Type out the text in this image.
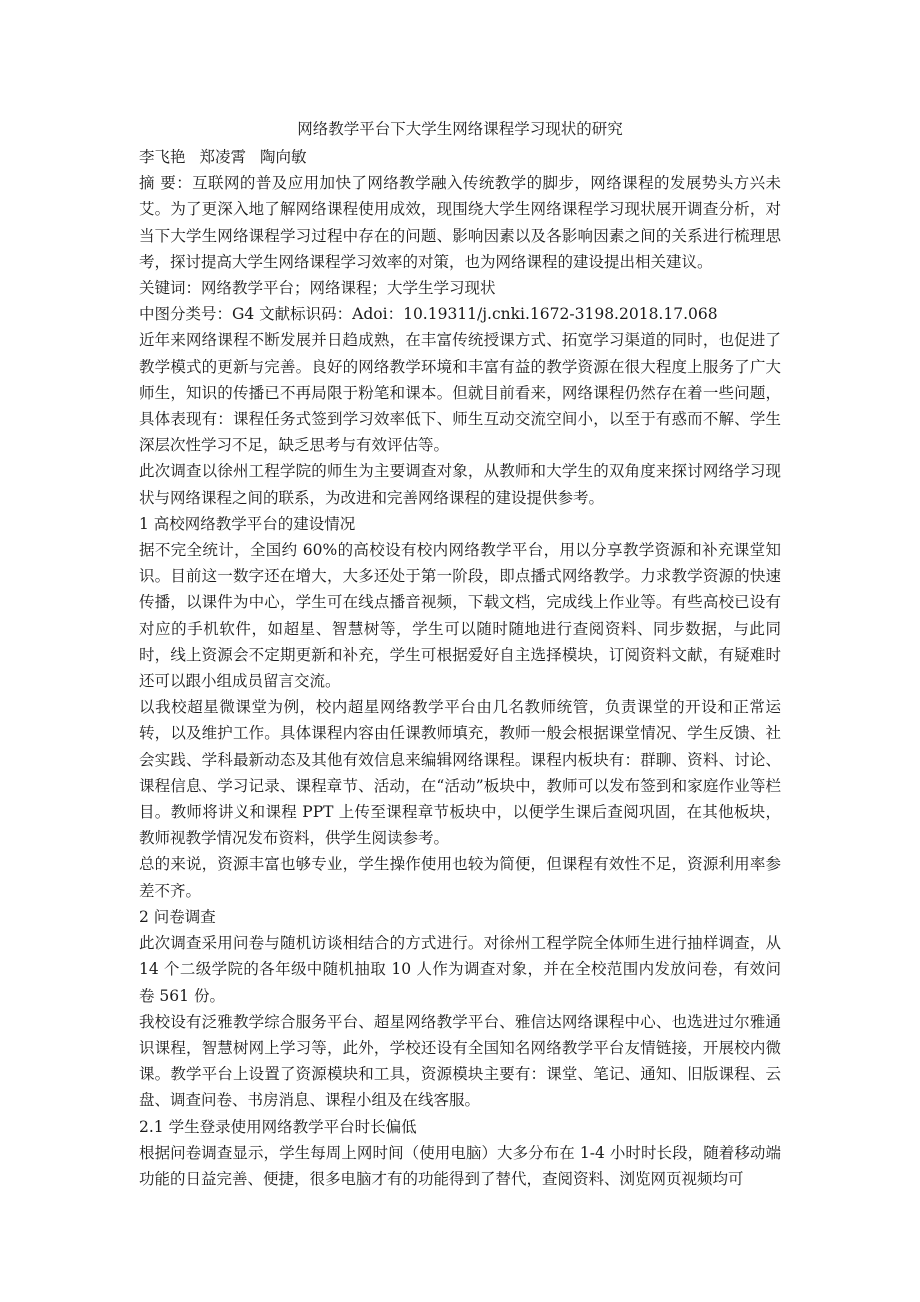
网络教学平台下大学生网络课程学习现状的研究

李飞艳 郑凌霄 陶向敏

摘 要：互联网的普及应用加快了网络教学融入传统教学的脚步，网络课程的发展势头方兴未艾。为了更深入地了解网络课程使用成效，现围绕大学生网络课程学习现状展开调查分析，对当下大学生网络课程学习过程中存在的问题、影响因素以及各影响因素之间的关系进行梳理思考，探讨提高大学生网络课程学习效率的对策，也为网络课程的建设提出相关建议。

关键词：网络教学平台；网络课程；大学生学习现状

中图分类号：G4 文献标识码：Adoi：10.19311/j.cnki.1672-3198.2018.17.068

近年来网络课程不断发展并日趋成熟，在丰富传统授课方式、拓宽学习渠道的同时，也促进了教学模式的更新与完善。良好的网络教学环境和丰富有益的教学资源在很大程度上服务了广大师生，知识的传播已不再局限于粉笔和课本。但就目前看来，网络课程仍然存在着一些问题，具体表现有：课程任务式签到学习效率低下、师生互动交流空间小，以至于有惑而不解、学生深层次性学习不足，缺乏思考与有效评估等。

此次调查以徐州工程学院的师生为主要调查对象，从教师和大学生的双角度来探讨网络学习现状与网络课程之间的联系，为改进和完善网络课程的建设提供参考。

1 高校网络教学平台的建设情况

据不完全统计，全国约 60%的高校设有校内网络教学平台，用以分享教学资源和补充课堂知识。目前这一数字还在增大，大多还处于第一阶段，即点播式网络教学。力求教学资源的快速传播，以课件为中心，学生可在线点播音视频，下载文档，完成线上作业等。有些高校已设有对应的手机软件，如超星、智慧树等，学生可以随时随地进行查阅资料、同步数据，与此同时，线上资源会不定期更新和补充，学生可根据爱好自主选择模块，订阅资料文献，有疑难时还可以跟小组成员留言交流。

以我校超星微课堂为例，校内超星网络教学平台由几名教师统管，负责课堂的开设和正常运转，以及维护工作。具体课程内容由任课教师填充，教师一般会根据课堂情况、学生反馈、社会实践、学科最新动态及其他有效信息来编辑网络课程。课程内板块有：群聊、资料、讨论、课程信息、学习记录、课程章节、活动，在“活动”板块中，教师可以发布签到和家庭作业等栏目。教师将讲义和课程 PPT 上传至课程章节板块中，以便学生课后查阅巩固，在其他板块，教师视教学情况发布资料，供学生阅读参考。

总的来说，资源丰富也够专业，学生操作使用也较为简便，但课程有效性不足，资源利用率参差不齐。

2 问卷调查

此次调查采用问卷与随机访谈相结合的方式进行。对徐州工程学院全体师生进行抽样调查，从 14 个二级学院的各年级中随机抽取 10 人作为调查对象，并在全校范围内发放问卷，有效问卷 561 份。

我校设有泛雅教学综合服务平台、超星网络教学平台、雅信达网络课程中心、也选进过尔雅通识课程，智慧树网上学习等，此外，学校还设有全国知名网络教学平台友情链接，开展校内微课。教学平台上设置了资源模块和工具，资源模块主要有：课堂、笔记、通知、旧版课程、云盘、调查问卷、书房消息、课程小组及在线客服。

2.1 学生登录使用网络教学平台时长偏低

根据问卷调查显示，学生每周上网时间（使用电脑）大多分布在 1-4 小时时长段，随着移动端功能的日益完善、便捷，很多电脑才有的功能得到了替代，查阅资料、浏览网页视频均可
